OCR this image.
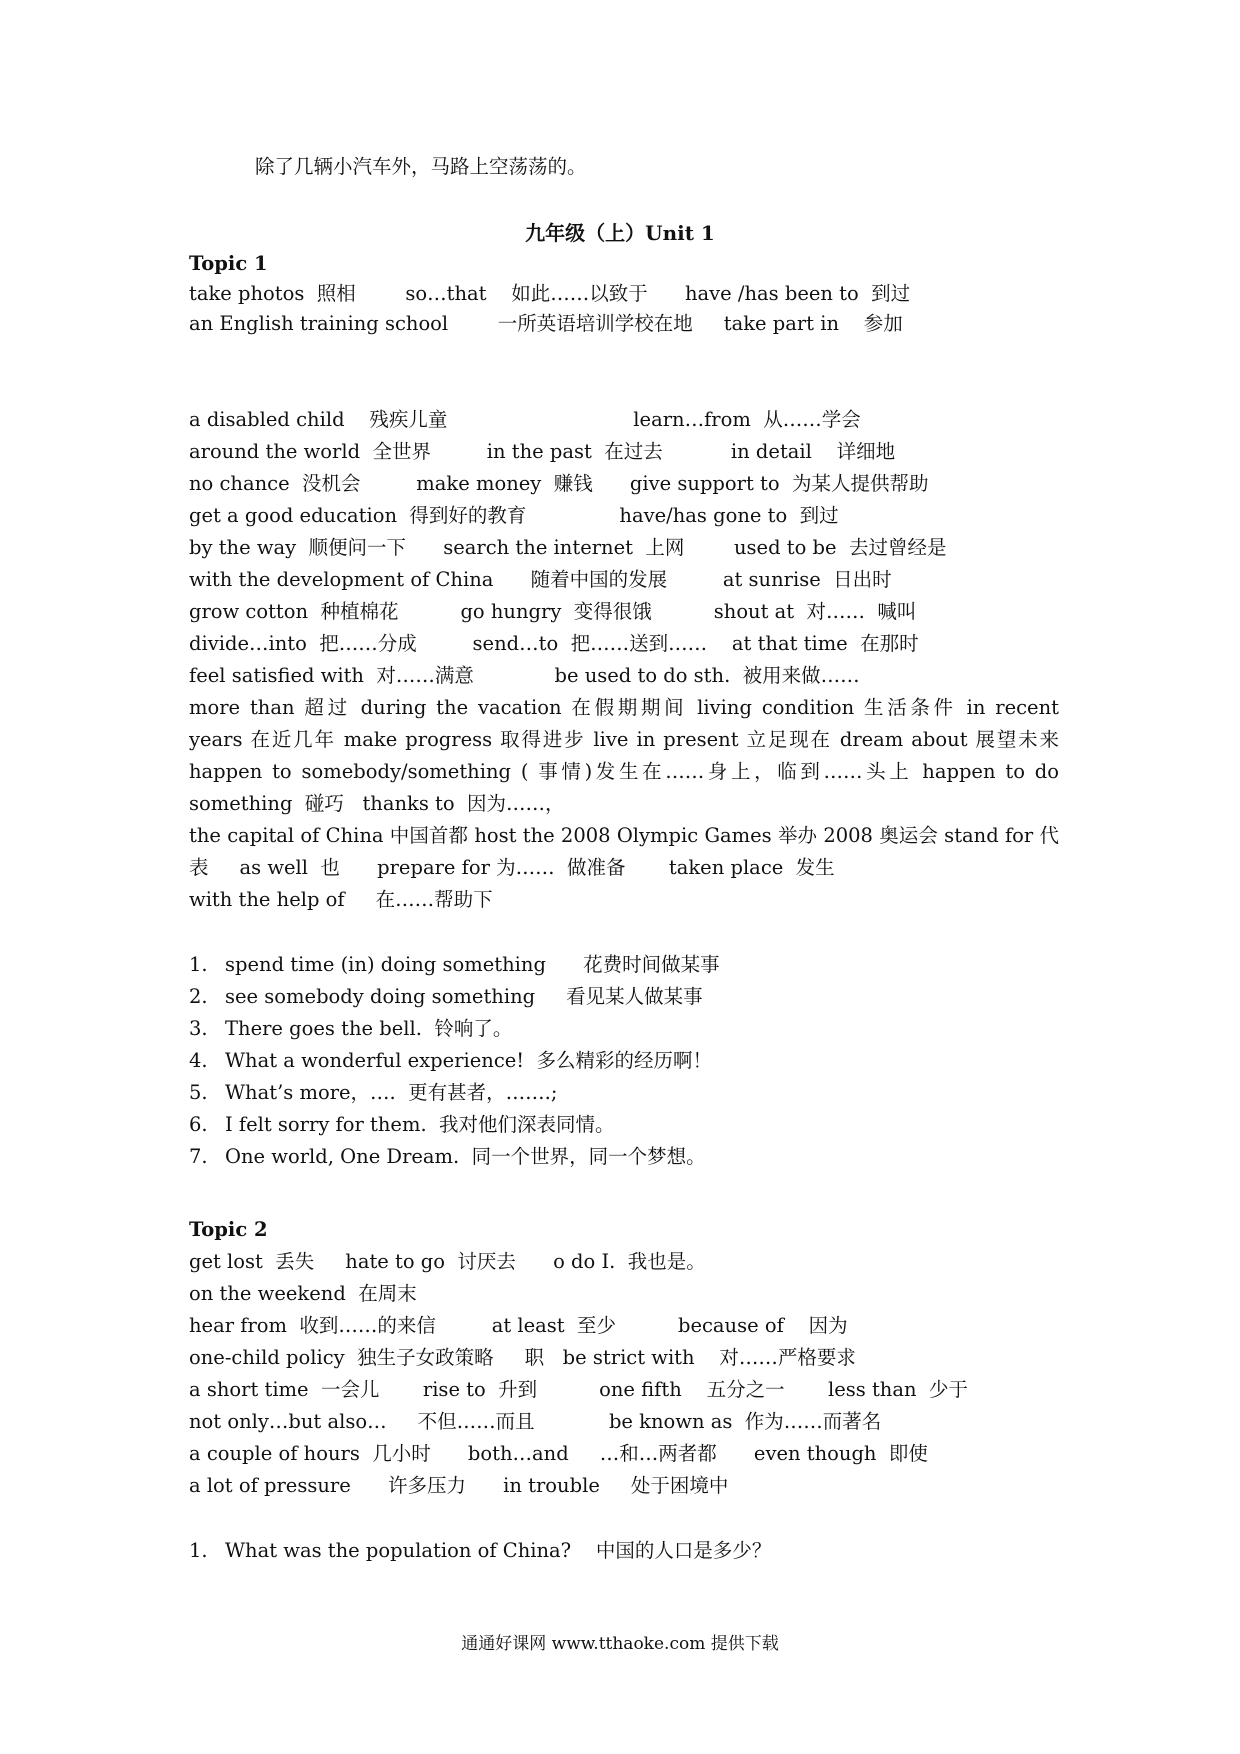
除了几辆小汽车外，马路上空荡荡的。
九年级（上）Unit 1
Topic 1
take photos  照相        so…that    如此……以致于      have /has been to  到过
an English training school        一所英语培训学校在地     take part in    参加
a disabled child    残疾儿童                              learn…from  从……学会
around the world  全世界         in the past  在过去           in detail    详细地
no chance  没机会         make money  赚钱      give support to  为某人提供帮助
get a good education  得到好的教育               have/has gone to  到过
by the way  顺便问一下      search the internet  上网        used to be  去过曾经是
with the development of China      随着中国的发展         at sunrise  日出时
grow cotton  种植棉花          go hungry  变得很饿          shout at  对……  喊叫
divide…into  把……分成         send…to  把……送到……    at that time  在那时
feel satisfied with  对……满意             be used to do sth.  被用来做……
more than 超过 during the vacation 在假期期间 living condition 生活条件 in recent
years 在近几年 make progress 取得进步 live in present 立足现在 dream about 展望未来
happen to somebody/something ( 事情)发生在……身上，临到……头上 happen to do
something  碰巧   thanks to  因为……，
the capital of China 中国首都 host the 2008 Olympic Games 举办 2008 奥运会 stand for 代
表     as well  也      prepare for 为……  做准备       taken place  发生
with the help of     在……帮助下
1. spend time (in) doing something      花费时间做某事
2. see somebody doing something     看见某人做某事
3. There goes the bell.  铃响了。
4. What a wonderful experience!  多么精彩的经历啊！
5. What’s more，….  更有甚者，…….;
6. I felt sorry for them.  我对他们深表同情。
7. One world, One Dream.  同一个世界，同一个梦想。
Topic 2
get lost  丢失     hate to go  讨厌去      o do I.  我也是。
on the weekend  在周末
hear from  收到……的来信         at least  至少          because of    因为
one-child policy  独生子女政策略     职   be strict with    对……严格要求
a short time  一会儿       rise to  升到          one fifth    五分之一       less than  少于
not only…but also…     不但……而且            be known as  作为……而著名
a couple of hours  几小时      both…and     …和…两者都      even though  即使
a lot of pressure      许多压力      in trouble     处于困境中
1. What was the population of China?    中国的人口是多少？
通通好课网 www.tthaoke.com 提供下载
